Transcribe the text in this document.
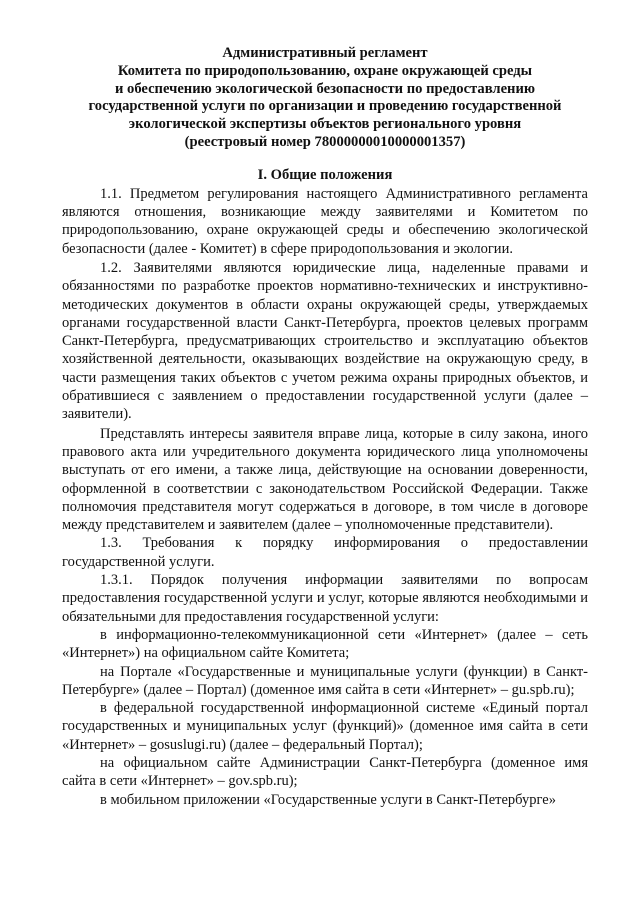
Административный регламент
Комитета по природопользованию, охране окружающей среды
и обеспечению экологической безопасности по предоставлению
государственной услуги по организации и проведению государственной
экологической экспертизы объектов регионального уровня
(реестровый номер 78000000010000001357)
I. Общие положения

1.1. Предметом регулирования настоящего Административного регламента являются отношения, возникающие между заявителями и Комитетом по природопользованию, охране окружающей среды и обеспечению экологической безопасности (далее - Комитет) в сфере природопользования и экологии.

1.2. Заявителями являются юридические лица, наделенные правами и обязанностями по разработке проектов нормативно-технических и инструктивно-методических документов в области охраны окружающей среды, утверждаемых органами государственной власти Санкт-Петербурга, проектов целевых программ Санкт-Петербурга, предусматривающих строительство и эксплуатацию объектов хозяйственной деятельности, оказывающих воздействие на окружающую среду, в части размещения таких объектов с учетом режима охраны природных объектов, и обратившиеся с заявлением о предоставлении государственной услуги (далее – заявители).

Представлять интересы заявителя вправе лица, которые в силу закона, иного правового акта или учредительного документа юридического лица уполномочены выступать от его имени, а также лица, действующие на основании доверенности, оформленной в соответствии с законодательством Российской Федерации. Также полномочия представителя могут содержаться в договоре, в том числе в договоре между представителем и заявителем (далее – уполномоченные представители).

1.3. Требования к порядку информирования о предоставлении государственной услуги.

1.3.1. Порядок получения информации заявителями по вопросам предоставления государственной услуги и услуг, которые являются необходимыми и обязательными для предоставления государственной услуги:

в информационно-телекоммуникационной сети «Интернет» (далее – сеть «Интернет») на официальном сайте Комитета;

на Портале «Государственные и муниципальные услуги (функции) в Санкт-Петербурге» (далее – Портал) (доменное имя сайта в сети «Интернет» – gu.spb.ru);

в федеральной государственной информационной системе «Единый портал государственных и муниципальных услуг (функций)» (доменное имя сайта в сети «Интернет» – gosuslugi.ru) (далее – федеральный Портал);

на официальном сайте Администрации Санкт-Петербурга (доменное имя сайта в сети «Интернет» – gov.spb.ru);

в мобильном приложении «Государственные услуги в Санкт-Петербурге»
